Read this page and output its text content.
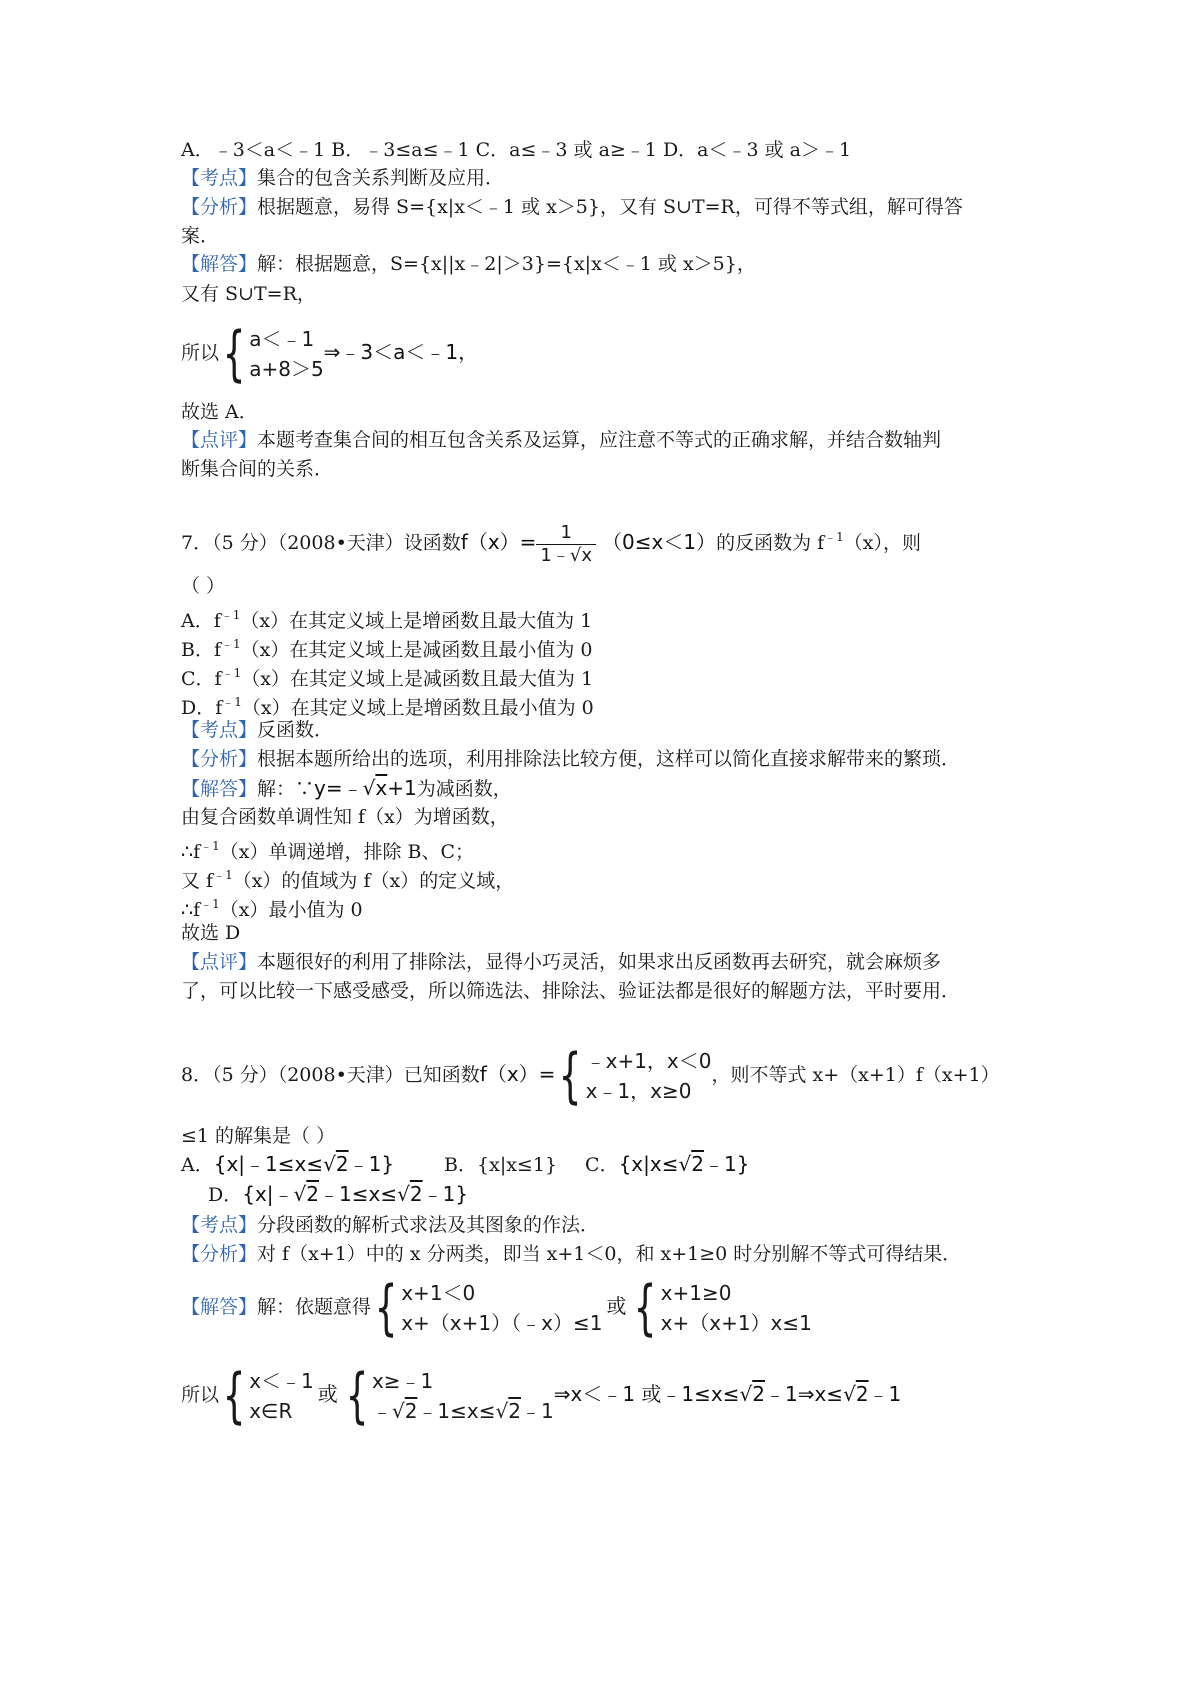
A．﹣3＜a＜﹣1 B．﹣3≤a≤﹣1 C．a≤﹣3 或 a≥﹣1 D．a＜﹣3 或 a＞﹣1
【考点】集合的包含关系判断及应用．
【分析】根据题意，易得 S={x|x＜﹣1 或 x＞5}，又有 S∪T=R，可得不等式组，解可得答
案．
【解答】解：根据题意，S={x||x﹣2|＞3}={x|x＜﹣1 或 x＞5}，
又有 S∪T=R，
所以{ a＜﹣1
a+8＞5
⇒﹣3＜a＜﹣1，
故选 A．
【点评】本题考查集合间的相互包含关系及运算，应注意不等式的正确求解，并结合数轴判
断集合间的关系．
7．（5 分）（2008•天津）设函数$f(x)= \frac{1}{1﹣√x} (0\le x<1)$的反函数为 $f^{﹣1}(x)$，则
（ ）
A．$f^{﹣1}(x)$在其定义域上是增函数且最大值为 1
B．$f^{﹣1}(x)$在其定义域上是减函数且最小值为 0
C．$f^{﹣1}(x)$在其定义域上是减函数且最大值为 1
D．$f^{﹣1}(x)$在其定义域上是增函数且最小值为 0
【考点】反函数．
【分析】根据本题所给出的选项，利用排除法比较方便，这样可以简化直接求解带来的繁琐．
【解答】解：∵y=﹣√x+1为减函数，
由复合函数单调性知 f（x）为增函数，
$\therefore f^{﹣1}(x)$单调递增，排除 B、C；
又 $f^{﹣1}(x)$的值域为 f（x）的定义域，
$\therefore f^{﹣1}(x)$最小值为 0
故选 D
【点评】本题很好的利用了排除法，显得小巧灵活，如果求出反函数再去研究，就会麻烦多
了，可以比较一下感受感受，所以筛选法、排除法、验证法都是很好的解题方法，平时要用．
8．（5 分）（2008•天津）已知函数f（x）={ ﹣x+1，x＜0
x﹣1，x≥0
，则不等式 x+（x+1）f（x+1）
≤1 的解集是（ ）
A．{x|﹣1≤x≤√2﹣1}	B．{x|x≤1} C．{x|x≤√2﹣1}
D．{x|﹣√2﹣1≤x≤√2﹣1}
【考点】分段函数的解析式求法及其图象的作法．
【分析】对 f（x+1）中的 x 分两类，即当 x+1＜0，和 x+1≥0 时分别解不等式可得结果．
【解答】解：依题意得{ x+1＜0
x+（x+1）（﹣x）≤1
或 { x+1≥0
x+（x+1）x≤1
所以{ x＜﹣1
x∈R
或 { x≥﹣1
﹣√2﹣1≤x≤√2﹣1
⇒x＜﹣1 或﹣1≤x≤√2﹣1⇒x≤√2﹣1
